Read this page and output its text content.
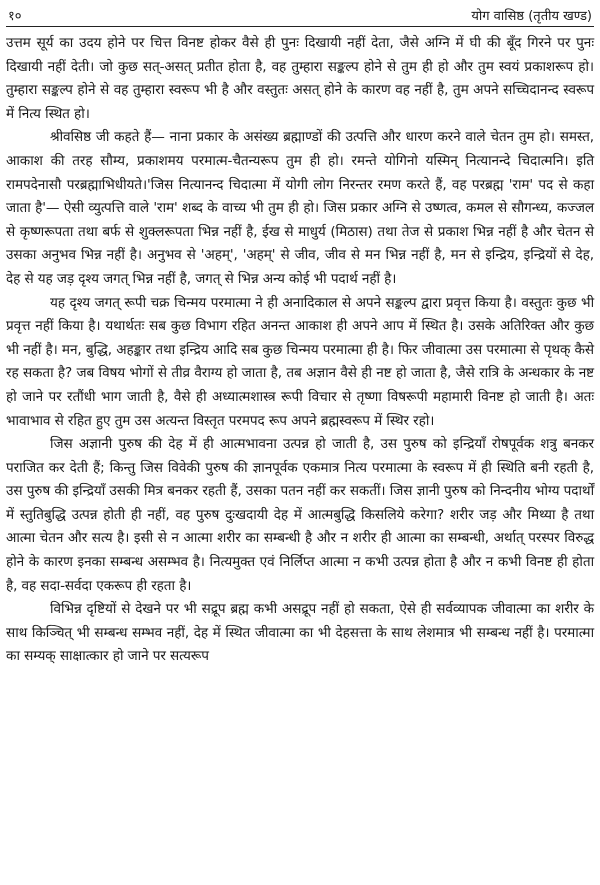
१०	योग वासिष्ठ (तृतीय खण्ड)

उत्तम सूर्य का उदय होने पर चित्त विनष्ट होकर वैसे ही पुनः दिखायी नहीं देता, जैसे अग्नि में घी की बूँद गिरने पर पुनः दिखायी नहीं देती। जो कुछ सत्-असत् प्रतीत होता है, वह तुम्हारा सङ्कल्प होने से तुम ही हो और तुम स्वयं प्रकाशरूप हो। तुम्हारा सङ्कल्प होने से वह तुम्हारा स्वरूप भी है और वस्तुतः असत् होने के कारण वह नहीं है, तुम अपने सच्चिदानन्द स्वरूप में नित्य स्थित हो।

श्रीवसिष्ठ जी कहते हैं— नाना प्रकार के असंख्य ब्रह्माण्डों की उत्पत्ति और धारण करने वाले चेतन तुम हो। समस्त, आकाश की तरह सौम्य, प्रकाशमय परमात्म-चैतन्यरूप तुम ही हो। रमन्ते योगिनो यस्मिन् नित्यानन्दे चिदात्मनि। इति रामपदेनासौ परब्रह्माभिधीयते।'जिस नित्यानन्द चिदात्मा में योगी लोग निरन्तर रमण करते हैं, वह परब्रह्म 'राम' पद से कहा जाता है'— ऐसी व्युत्पत्ति वाले 'राम' शब्द के वाच्य भी तुम ही हो। जिस प्रकार अग्नि से उष्णत्व, कमल से सौगन्ध्य, कज्जल से कृष्णरूपता तथा बर्फ से शुक्लरूपता भिन्न नहीं है, ईख से माधुर्य (मिठास) तथा तेज से प्रकाश भिन्न नहीं है और चेतन से उसका अनुभव भिन्न नहीं है। अनुभव से 'अहम्', 'अहम्' से जीव, जीव से मन भिन्न नहीं है, मन से इन्द्रिय, इन्द्रियों से देह, देह से यह जड़ दृश्य जगत् भिन्न नहीं है, जगत् से भिन्न अन्य कोई भी पदार्थ नहीं है।

यह दृश्य जगत् रूपी चक्र चिन्मय परमात्मा ने ही अनादिकाल से अपने सङ्कल्प द्वारा प्रवृत्त किया है। वस्तुतः कुछ भी प्रवृत्त नहीं किया है। यथार्थतः सब कुछ विभाग रहित अनन्त आकाश ही अपने आप में स्थित है। उसके अतिरिक्त और कुछ भी नहीं है। मन, बुद्धि, अहङ्कार तथा इन्द्रिय आदि सब कुछ चिन्मय परमात्मा ही है। फिर जीवात्मा उस परमात्मा से पृथक् कैसे रह सकता है? जब विषय भोगों से तीव्र वैराग्य हो जाता है, तब अज्ञान वैसे ही नष्ट हो जाता है, जैसे रात्रि के अन्धकार के नष्ट हो जाने पर रतौंधी भाग जाती है, वैसे ही अध्यात्मशास्त्र रूपी विचार से तृष्णा विषरूपी महामारी विनष्ट हो जाती है। अतः भावाभाव से रहित हुए तुम उस अत्यन्त विस्तृत परमपद रूप अपने ब्रह्मस्वरूप में स्थिर रहो।

जिस अज्ञानी पुरुष की देह में ही आत्मभावना उत्पन्न हो जाती है, उस पुरुष को इन्द्रियाँ रोषपूर्वक शत्रु बनकर पराजित कर देती हैं; किन्तु जिस विवेकी पुरुष की ज्ञानपूर्वक एकमात्र नित्य परमात्मा के स्वरूप में ही स्थिति बनी रहती है, उस पुरुष की इन्द्रियाँ उसकी मित्र बनकर रहती हैं, उसका पतन नहीं कर सकतीं। जिस ज्ञानी पुरुष को निन्दनीय भोग्य पदार्थों में स्तुतिबुद्धि उत्पन्न होती ही नहीं, वह पुरुष दुःखदायी देह में आत्मबुद्धि किसलिये करेगा? शरीर जड़ और मिथ्या है तथा आत्मा चेतन और सत्य है। इसी से न आत्मा शरीर का सम्बन्धी है और न शरीर ही आत्मा का सम्बन्धी, अर्थात् परस्पर विरुद्ध होने के कारण इनका सम्बन्ध असम्भव है। नित्यमुक्त एवं निर्लिप्त आत्मा न कभी उत्पन्न होता है और न कभी विनष्ट ही होता है, वह सदा-सर्वदा एकरूप ही रहता है।

विभिन्न दृष्टियों से देखने पर भी सद्रूप ब्रह्म कभी असद्रूप नहीं हो सकता, ऐसे ही सर्वव्यापक जीवात्मा का शरीर के साथ किञ्चित् भी सम्बन्ध सम्भव नहीं, देह में स्थित जीवात्मा का भी देहसत्ता के साथ लेशमात्र भी सम्बन्ध नहीं है। परमात्मा का सम्यक् साक्षात्कार हो जाने पर सत्यरूप
